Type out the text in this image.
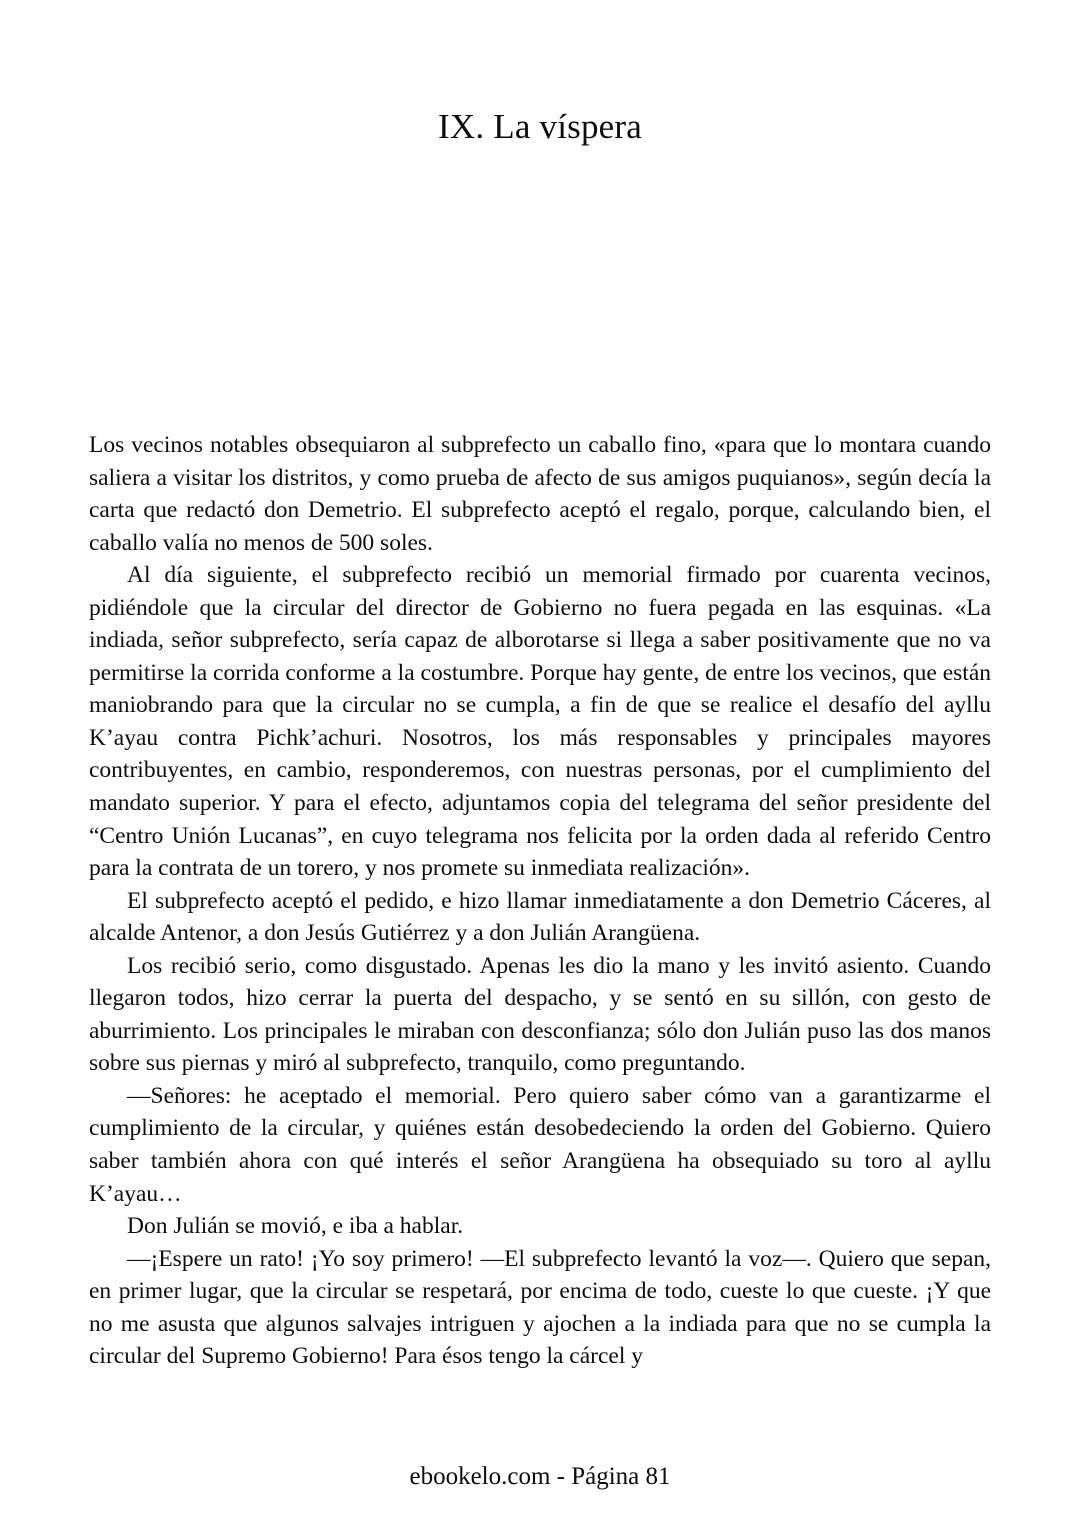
IX. La víspera

Los vecinos notables obsequiaron al subprefecto un caballo fino, «para que lo montara cuando saliera a visitar los distritos, y como prueba de afecto de sus amigos puquianos», según decía la carta que redactó don Demetrio. El subprefecto aceptó el regalo, porque, calculando bien, el caballo valía no menos de 500 soles.

Al día siguiente, el subprefecto recibió un memorial firmado por cuarenta vecinos, pidiéndole que la circular del director de Gobierno no fuera pegada en las esquinas. «La indiada, señor subprefecto, sería capaz de alborotarse si llega a saber positivamente que no va permitirse la corrida conforme a la costumbre. Porque hay gente, de entre los vecinos, que están maniobrando para que la circular no se cumpla, a fin de que se realice el desafío del ayllu K’ayau contra Pichk’achuri. Nosotros, los más responsables y principales mayores contribuyentes, en cambio, responderemos, con nuestras personas, por el cumplimiento del mandato superior. Y para el efecto, adjuntamos copia del telegrama del señor presidente del “Centro Unión Lucanas”, en cuyo telegrama nos felicita por la orden dada al referido Centro para la contrata de un torero, y nos promete su inmediata realización».

El subprefecto aceptó el pedido, e hizo llamar inmediatamente a don Demetrio Cáceres, al alcalde Antenor, a don Jesús Gutiérrez y a don Julián Arangüena.

Los recibió serio, como disgustado. Apenas les dio la mano y les invitó asiento. Cuando llegaron todos, hizo cerrar la puerta del despacho, y se sentó en su sillón, con gesto de aburrimiento. Los principales le miraban con desconfianza; sólo don Julián puso las dos manos sobre sus piernas y miró al subprefecto, tranquilo, como preguntando.

—Señores: he aceptado el memorial. Pero quiero saber cómo van a garantizarme el cumplimiento de la circular, y quiénes están desobedeciendo la orden del Gobierno. Quiero saber también ahora con qué interés el señor Arangüena ha obsequiado su toro al ayllu K’ayau…

Don Julián se movió, e iba a hablar.

—¡Espere un rato! ¡Yo soy primero! —El subprefecto levantó la voz—. Quiero que sepan, en primer lugar, que la circular se respetará, por encima de todo, cueste lo que cueste. ¡Y que no me asusta que algunos salvajes intriguen y ajochen a la indiada para que no se cumpla la circular del Supremo Gobierno! Para ésos tengo la cárcel y

ebookelo.com - Página 81
